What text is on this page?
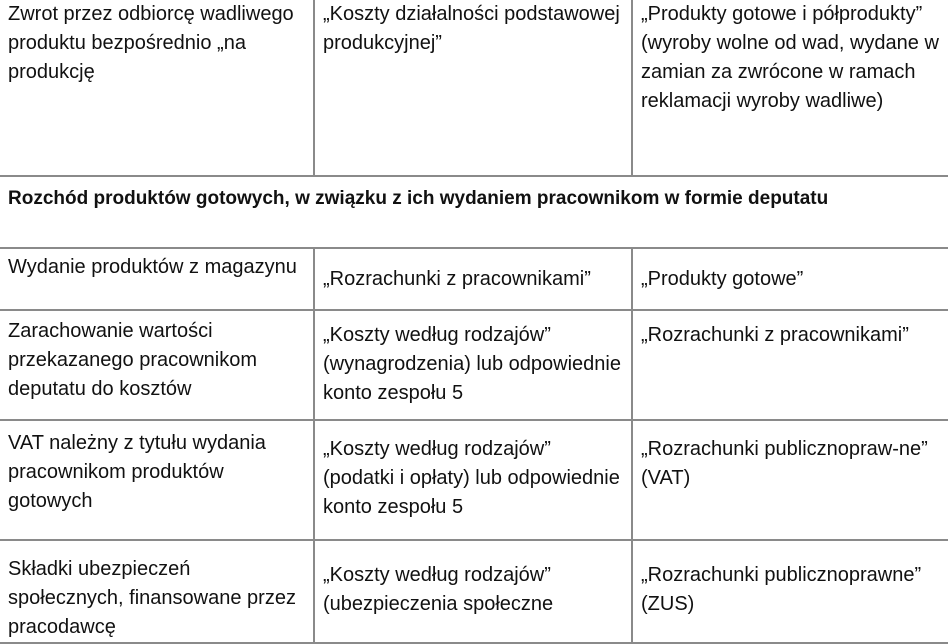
Zwrot przez odbiorcę wadliwego produktu bezpośrednio „na produkcję	„Koszty działalności podstawowej produkcyjnej”	„Produkty gotowe i półprodukty” (wyroby wolne od wad, wydane w zamian za zwrócone w ramach reklamacji wyroby wadliwe)
Rozchód produktów gotowych, w związku z ich wydaniem pracownikom w formie deputatu		
Wydanie produktów z magazynu	„Rozrachunki z pracownikami”	„Produkty gotowe”
Zarachowanie wartości przekazanego pracownikom deputatu do kosztów	„Koszty według rodzajów” (wynagrodzenia) lub odpowiednie konto zespołu 5	„Rozrachunki z pracownikami”
VAT należny z tytułu wydania pracownikom produktów gotowych	„Koszty według rodzajów” (podatki i opłaty) lub odpowiednie konto zespołu 5	„Rozrachunki publicznopraw-ne” (VAT)
Składki ubezpieczeń społecznych, finansowane przez pracodawcę	„Koszty według rodzajów” (ubezpieczenia społeczne	„Rozrachunki publicznoprawne” (ZUS)
